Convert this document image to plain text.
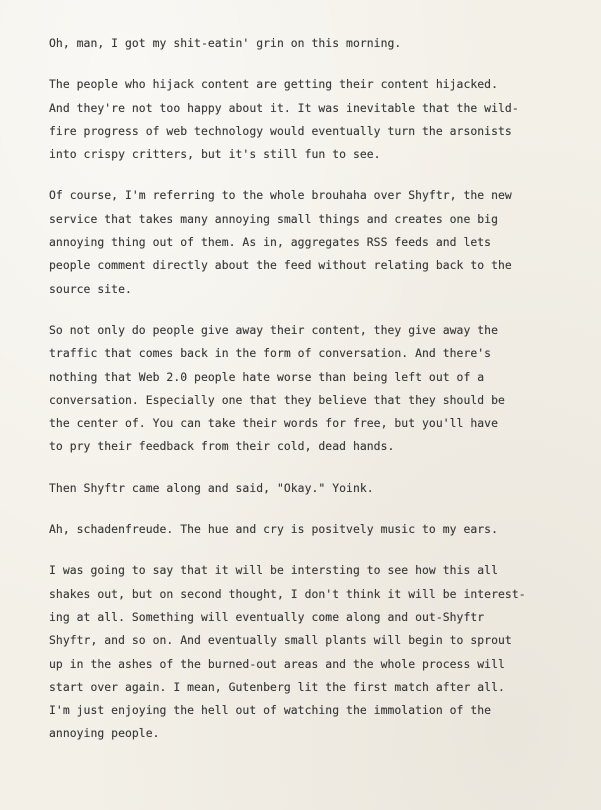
Oh, man, I got my shit-eatin' grin on this morning.

The people who hijack content are getting their content hijacked.
And they're not too happy about it. It was inevitable that the wild-
fire progress of web technology would eventually turn the arsonists
into crispy critters, but it's still fun to see.

Of course, I'm referring to the whole brouhaha over Shyftr, the new
service that takes many annoying small things and creates one big
annoying thing out of them. As in, aggregates RSS feeds and lets
people comment directly about the feed without relating back to the
source site.

So not only do people give away their content, they give away the
traffic that comes back in the form of conversation. And there's
nothing that Web 2.0 people hate worse than being left out of a
conversation. Especially one that they believe that they should be
the center of. You can take their words for free, but you'll have
to pry their feedback from their cold, dead hands.

Then Shyftr came along and said, "Okay." Yoink.

Ah, schadenfreude. The hue and cry is positvely music to my ears.

I was going to say that it will be intersting to see how this all
shakes out, but on second thought, I don't think it will be interest-
ing at all. Something will eventually come along and out-Shyftr
Shyftr, and so on. And eventually small plants will begin to sprout
up in the ashes of the burned-out areas and the whole process will
start over again. I mean, Gutenberg lit the first match after all.
I'm just enjoying the hell out of watching the immolation of the
annoying people.
